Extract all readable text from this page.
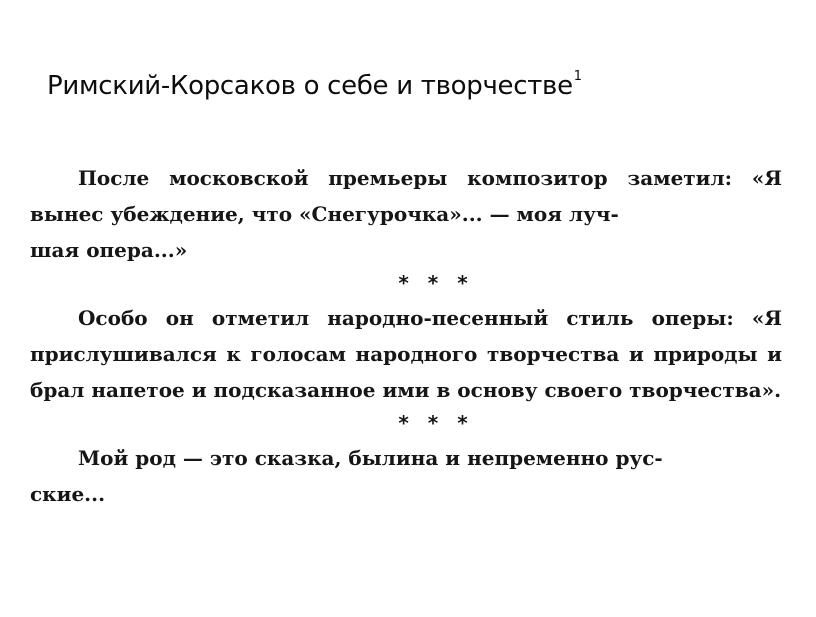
Римский-Корсаков о себе и творчестве$^1$

После московской премьеры композитор заметил: «Я вынес убеждение, что «Снегурочка»... — моя луч-
шая опера...»

* * *

Особо он отметил народно-песенный стиль оперы: «Я прислушивался к голосам народного творчества и природы и брал напетое и подсказанное ими в основу своего творчества».

* * *

Мой род — это сказка, былина и непременно рус-
ские...
